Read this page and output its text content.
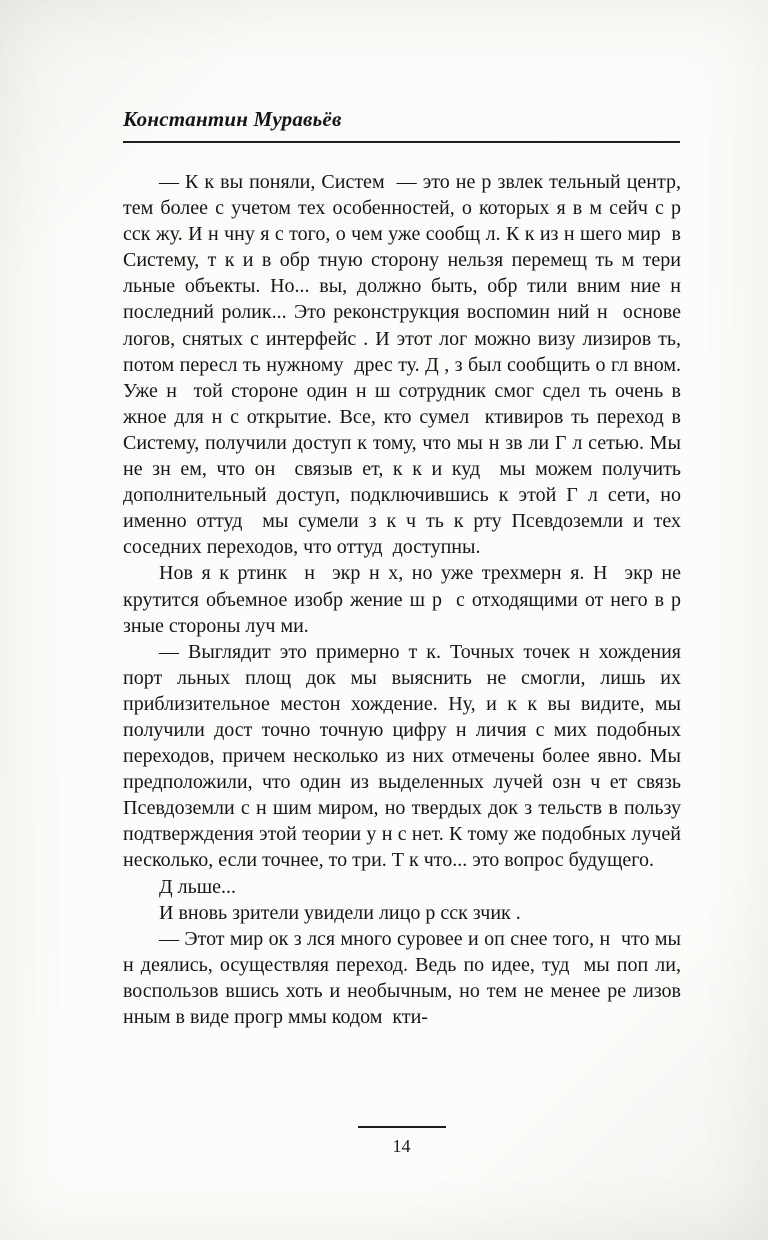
Константин Муравьёв

— К к вы поняли, Систем  — это не р звлек тельный центр, тем более с учетом тех особенностей, о которых я в м сейч с р сск жу. И н чну я с того, о чем уже сообщ л. К к из н шего мир  в Систему, т к и в обр тную сторону нельзя перемещ ть м тери льные объекты. Но... вы, должно быть, обр тили вним ние н  последний ролик... Это реконструкция воспомин ний н  основе логов, снятых с интерфейс . И этот лог можно визу лизиров ть,  потом пересл ть нужному  дрес ту. Д , з был сообщить о гл вном. Уже н  той стороне один н ш сотрудник смог сдел ть очень в жное для н с открытие. Все, кто сумел  ктивиров ть переход в Систему, получили доступ к тому, что мы н зв ли Г л сетью. Мы не зн ем, что он  связыв ет, к к и куд  мы можем получить дополнительный доступ, подключившись к этой Г л сети, но именно оттуд  мы сумели з к ч ть к рту Псевдоземли и тех соседних переходов, что оттуд  доступны.

Нов я к ртинк  н  экр н х, но уже трехмерн я. Н  экр не крутится объемное изобр жение ш р  с отходящими от него в р зные стороны луч ми.

— Выглядит это примерно т к. Точных точек н хождения порт льных площ док мы выяснить не смогли, лишь их приблизительное местон хождение. Ну, и к к вы видите, мы получили дост точно точную цифру н личия с мих подобных переходов, причем несколько из них отмечены более явно. Мы предположили, что один из выделенных лучей озн ч ет связь Псевдоземли с н шим миром, но твердых док з тельств в пользу подтверждения этой теории у н с нет. К тому же подобных лучей несколько, если точнее, то три. Т к что... это вопрос будущего.

Д льше...

И вновь зрители увидели лицо р сск зчик .

— Этот мир ок з лся много суровее и оп снее того, н  что мы н деялись, осуществляя переход. Ведь по идее, туд  мы поп ли, воспользов вшись хоть и необычным, но тем не менее ре лизов нным в виде прогр ммы кодом  кти-

14
